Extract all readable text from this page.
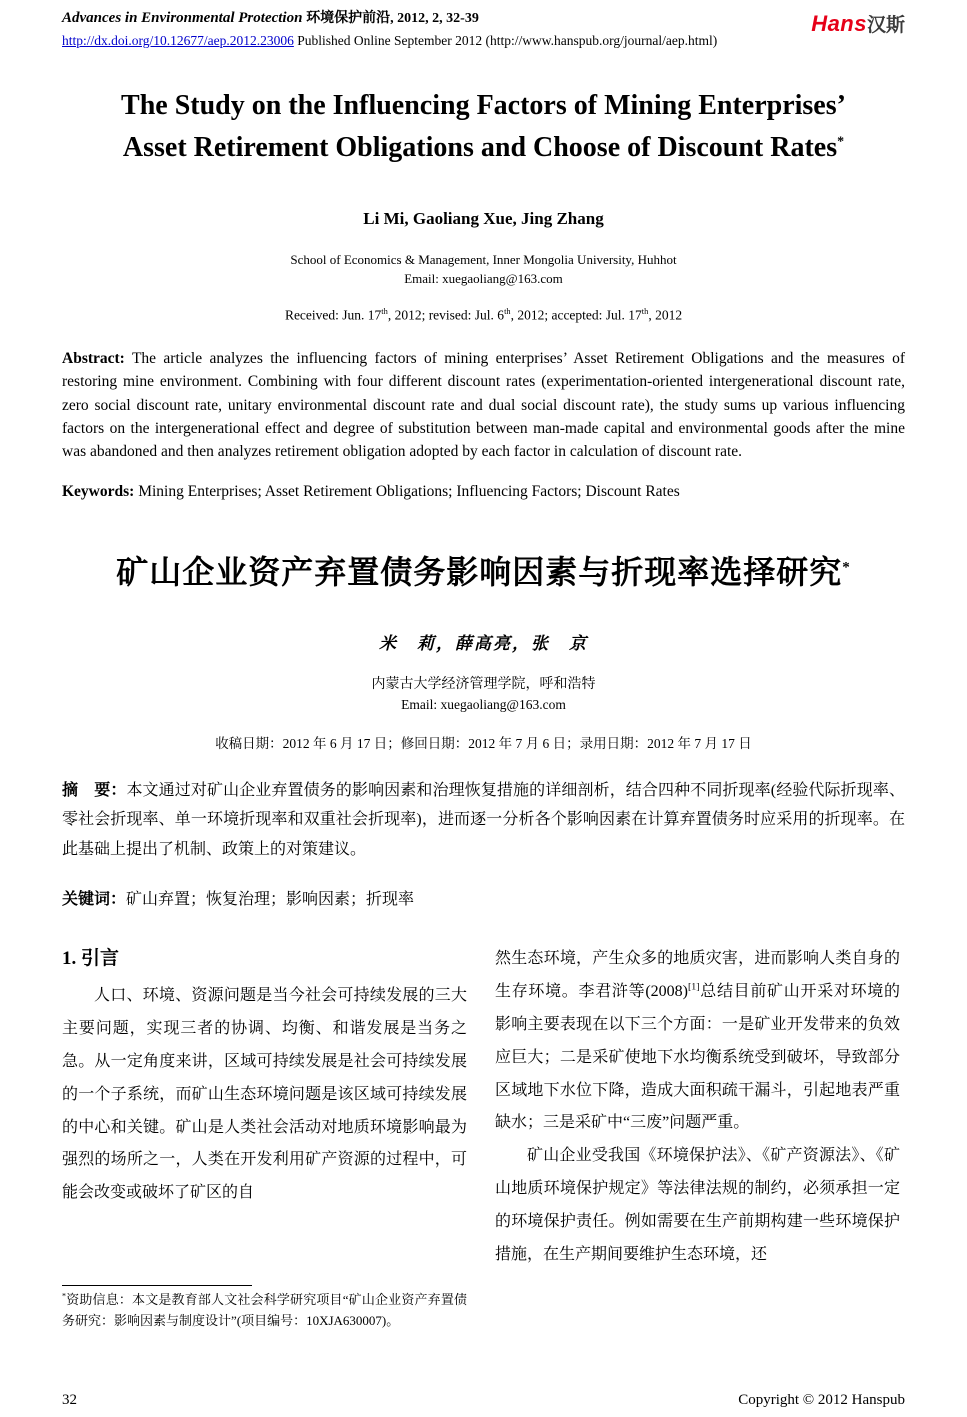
Advances in Environmental Protection 环境保护前沿, 2012, 2, 32-39
http://dx.doi.org/10.12677/aep.2012.23006 Published Online September 2012 (http://www.hanspub.org/journal/aep.html)
Hans 汉斯
The Study on the Influencing Factors of Mining Enterprises’
Asset Retirement Obligations and Choose of Discount Rates*
Li Mi, Gaoliang Xue, Jing Zhang
School of Economics & Management, Inner Mongolia University, Huhhot
Email: xuegaoliang@163.com
Received: Jun. 17th, 2012; revised: Jul. 6th, 2012; accepted: Jul. 17th, 2012

Abstract: The article analyzes the influencing factors of mining enterprises’ Asset Retirement Obligations and the measures of restoring mine environment. Combining with four different discount rates (experimentation-oriented intergenerational discount rate, zero social discount rate, unitary environmental discount rate and dual social discount rate), the study sums up various influencing factors on the intergenerational effect and degree of substitution between man-made capital and environmental goods after the mine was abandoned and then analyzes retirement obligation adopted by each factor in calculation of discount rate.

Keywords: Mining Enterprises; Asset Retirement Obligations; Influencing Factors; Discount Rates

矿山企业资产弃置债务影响因素与折现率选择研究*
米　莉，薛高亮，张　京
内蒙古大学经济管理学院，呼和浩特
Email: xuegaoliang@163.com
收稿日期：2012 年 6 月 17 日；修回日期：2012 年 7 月 6 日；录用日期：2012 年 7 月 17 日

摘　要：本文通过对矿山企业弃置债务的影响因素和治理恢复措施的详细剖析，结合四种不同折现率(经验代际折现率、零社会折现率、单一环境折现率和双重社会折现率)，进而逐一分析各个影响因素在计算弃置债务时应采用的折现率。在此基础上提出了机制、政策上的对策建议。

关键词：矿山弃置；恢复治理；影响因素；折现率

1. 引言

人口、环境、资源问题是当今社会可持续发展的三大主要问题，实现三者的协调、均衡、和谐发展是当务之急。从一定角度来讲，区域可持续发展是社会可持续发展的一个子系统，而矿山生态环境问题是该区域可持续发展的中心和关键。矿山是人类社会活动对地质环境影响最为强烈的场所之一，人类在开发利用矿产资源的过程中，可能会改变或破坏了矿区的自

*资助信息：本文是教育部人文社会科学研究项目“矿山企业资产弃置债务研究：影响因素与制度设计”(项目编号：10XJA630007)。

然生态环境，产生众多的地质灾害，进而影响人类自身的生存环境。李君浒等(2008)[1]总结目前矿山开采对环境的影响主要表现在以下三个方面：一是矿业开发带来的负效应巨大；二是采矿使地下水均衡系统受到破坏，导致部分区域地下水位下降，造成大面积疏干漏斗，引起地表严重缺水；三是采矿中“三废”问题严重。

矿山企业受我国《环境保护法》、《矿产资源法》、《矿山地质环境保护规定》等法律法规的制约，必须承担一定的环境保护责任。例如需要在生产前期构建一些环境保护措施，在生产期间要维护生态环境，还

32	Copyright © 2012 Hanspub
